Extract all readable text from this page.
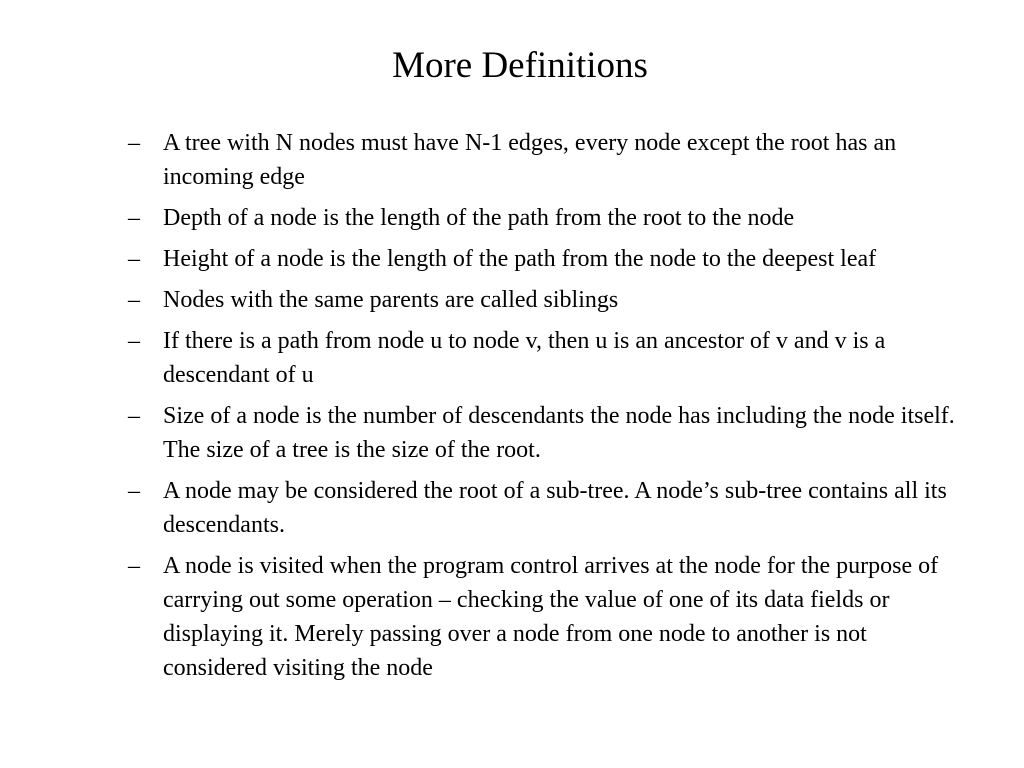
More Definitions
– A tree with N nodes must have N-1 edges, every node except the root has an incoming edge
– Depth of a node is the length of the path from the root to the node
– Height of a node is the length of the path from the node to the deepest leaf
– Nodes with the same parents are called siblings
– If there is a path from node u to node v, then u is an ancestor of v and v is a descendant of u
– Size of a node is the number of descendants the node has including the node itself. The size of a tree is the size of the root.
– A node may be considered the root of a sub-tree. A node’s sub-tree contains all its descendants.
– A node is visited when the program control arrives at the node for the purpose of carrying out some operation – checking the value of one of its data fields or displaying it. Merely passing over a node from one node to another is not considered visiting the node
